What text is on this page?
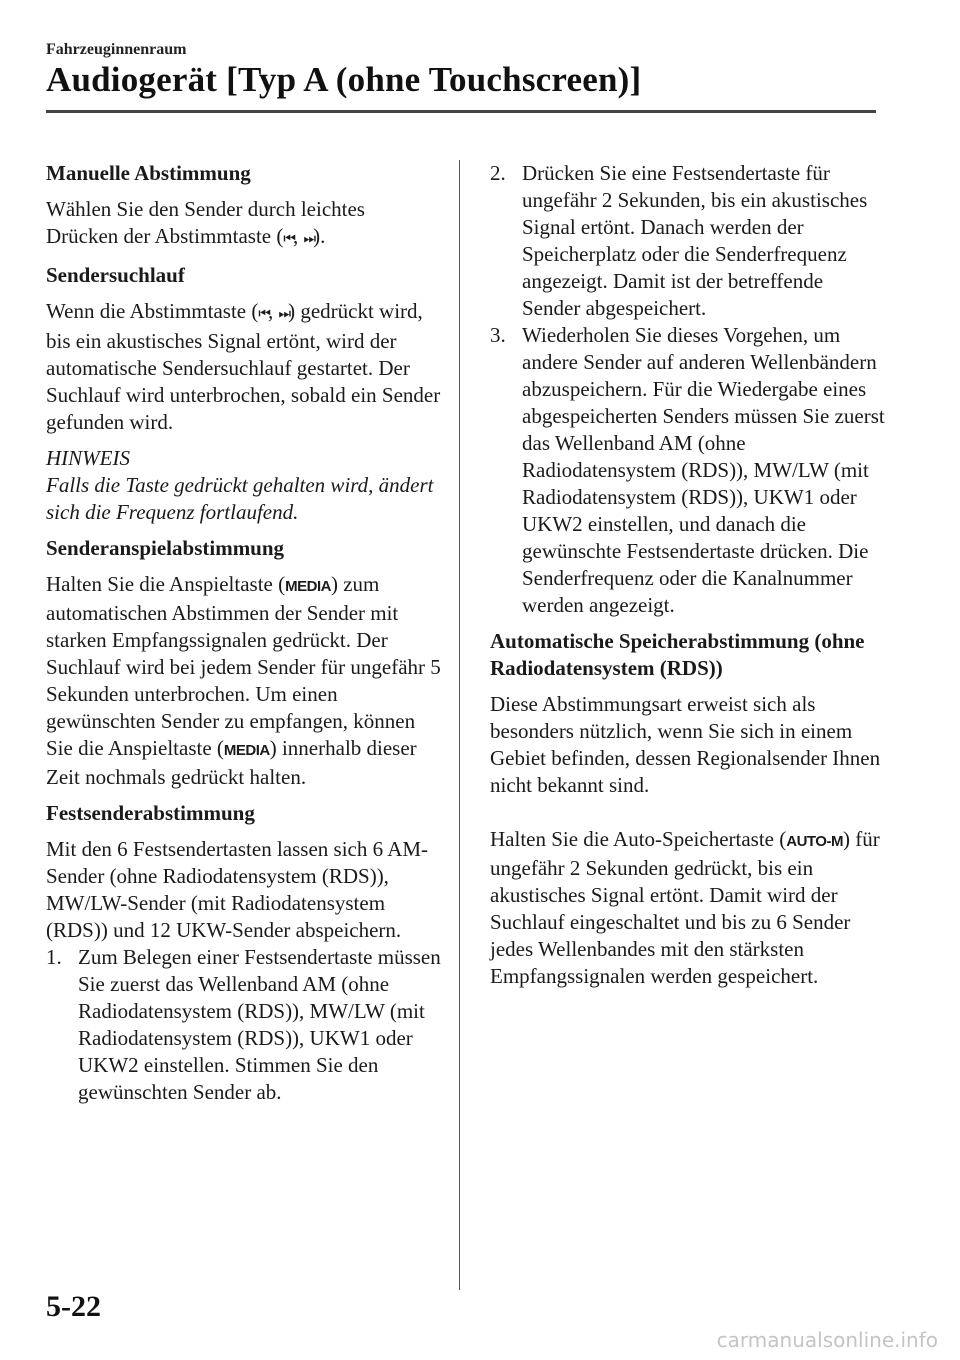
Fahrzeuginnenraum
Audiogerät [Typ A (ohne Touchscreen)]
Manuelle Abstimmung
Wählen Sie den Sender durch leichtes Drücken der Abstimmtaste (⏮, ⏭).
Sendersuchlauf
Wenn die Abstimmtaste (⏮, ⏭) gedrückt wird, bis ein akustisches Signal ertönt, wird der automatische Sendersuchlauf gestartet. Der Suchlauf wird unterbrochen, sobald ein Sender gefunden wird.
HINWEIS
Falls die Taste gedrückt gehalten wird, ändert sich die Frequenz fortlaufend.
Senderanspielabstimmung
Halten Sie die Anspieltaste (MEDIA) zum automatischen Abstimmen der Sender mit starken Empfangssignalen gedrückt. Der Suchlauf wird bei jedem Sender für ungefähr 5 Sekunden unterbrochen. Um einen gewünschten Sender zu empfangen, können Sie die Anspieltaste (MEDIA) innerhalb dieser Zeit nochmals gedrückt halten.
Festsenderabstimmung
Mit den 6 Festsendertasten lassen sich 6 AM-Sender (ohne Radiodatensystem (RDS)), MW/LW-Sender (mit Radiodatensystem (RDS)) und 12 UKW-Sender abspeichern.
1. Zum Belegen einer Festsendertaste müssen Sie zuerst das Wellenband AM (ohne Radiodatensystem (RDS)), MW/LW (mit Radiodatensystem (RDS)), UKW1 oder UKW2 einstellen. Stimmen Sie den gewünschten Sender ab.
2. Drücken Sie eine Festsendertaste für ungefähr 2 Sekunden, bis ein akustisches Signal ertönt. Danach werden der Speicherplatz oder die Senderfrequenz angezeigt. Damit ist der betreffende Sender abgespeichert.
3. Wiederholen Sie dieses Vorgehen, um andere Sender auf anderen Wellenbändern abzuspeichern. Für die Wiedergabe eines abgespeicherten Senders müssen Sie zuerst das Wellenband AM (ohne Radiodatensystem (RDS)), MW/LW (mit Radiodatensystem (RDS)), UKW1 oder UKW2 einstellen, und danach die gewünschte Festsendertaste drücken. Die Senderfrequenz oder die Kanalnummer werden angezeigt.
Automatische Speicherabstimmung (ohne Radiodatensystem (RDS))
Diese Abstimmungsart erweist sich als besonders nützlich, wenn Sie sich in einem Gebiet befinden, dessen Regionalsender Ihnen nicht bekannt sind.
Halten Sie die Auto-Speichertaste (AUTO-M) für ungefähr 2 Sekunden gedrückt, bis ein akustisches Signal ertönt. Damit wird der Suchlauf eingeschaltet und bis zu 6 Sender jedes Wellenbandes mit den stärksten Empfangssignalen werden gespeichert.
5-22
carmanualsonline.info
